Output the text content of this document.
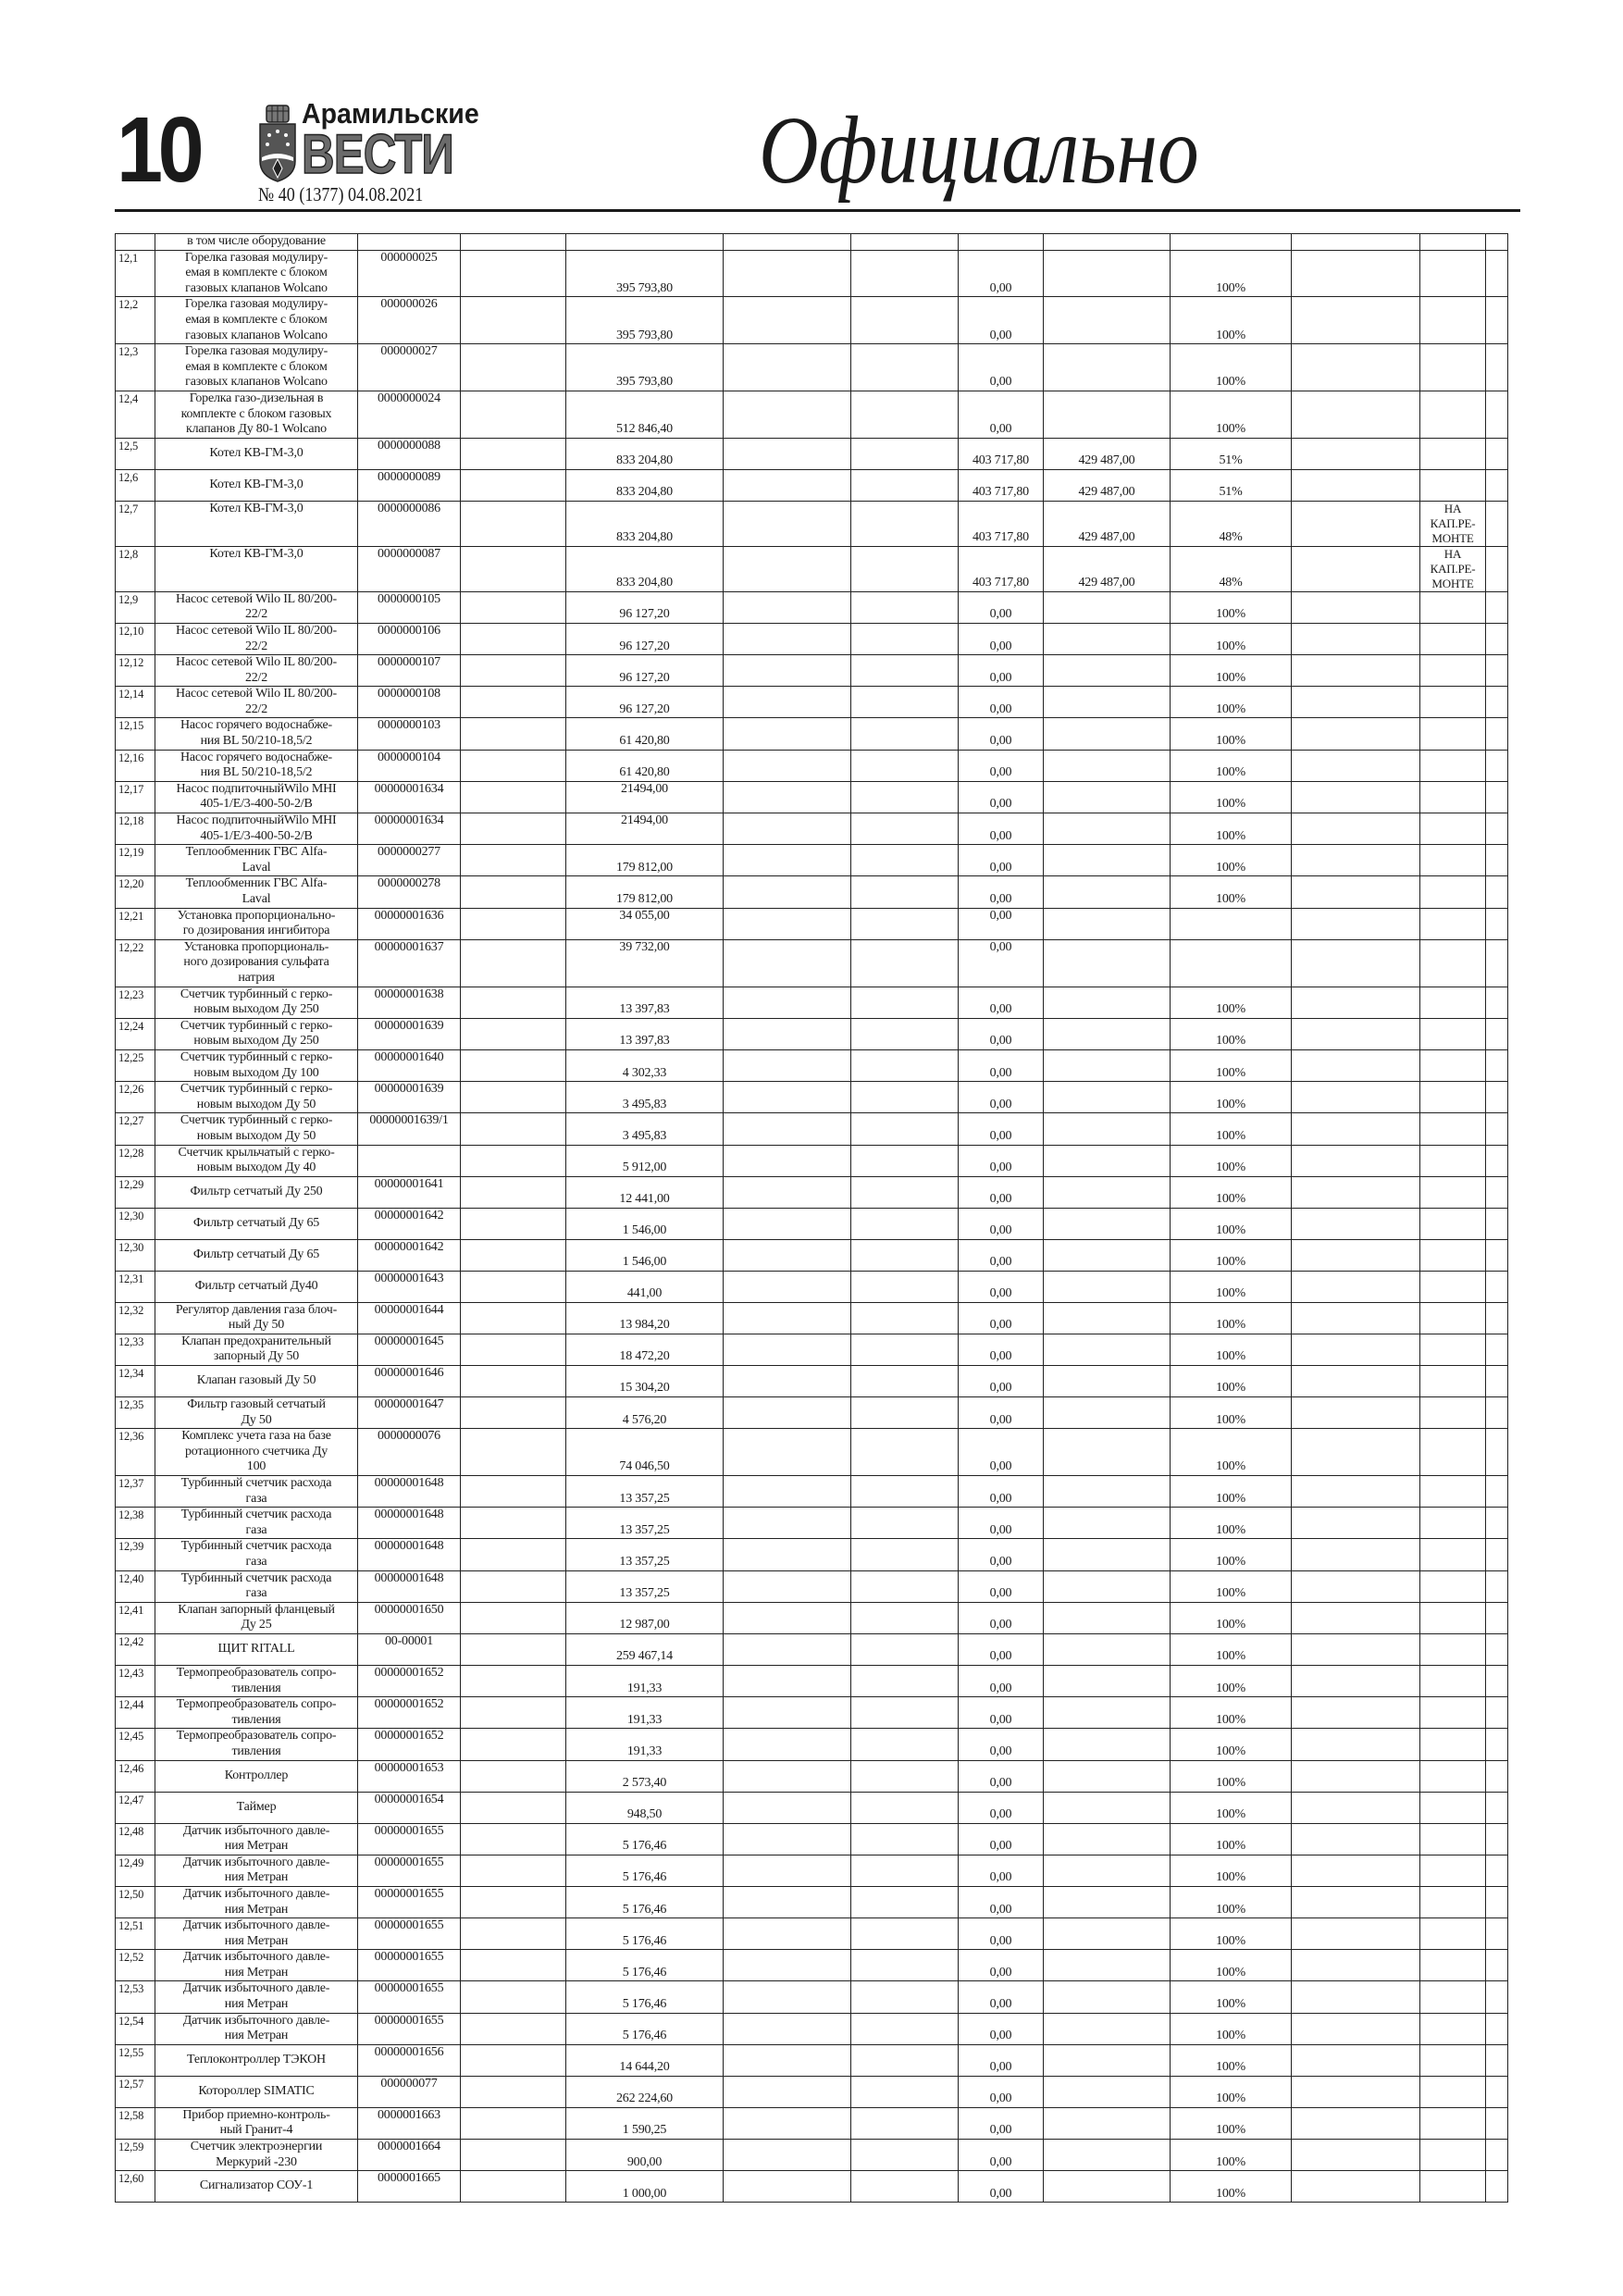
10	Арамильские
ВЕСТИ
№ 40 (1377) 04.08.2021	Официально
	в том числе оборудование											
12,1	Горелка газовая модулиру-
емая в комплекте с блоком
газовых клапанов Wolcano	000000025		395 793,80			0,00		100%			
12,2	Горелка газовая модулиру-
емая в комплекте с блоком
газовых клапанов Wolcano	000000026		395 793,80			0,00		100%			
12,3	Горелка газовая модулиру-
емая в комплекте с блоком
газовых клапанов Wolcano	000000027		395 793,80			0,00		100%			
12,4	Горелка газо-дизельная в
комплекте с блоком газовых
клапанов Ду 80-1 Wolcano	0000000024		512 846,40			0,00		100%			
12,5	Котел КВ-ГМ-3,0	0000000088		833 204,80			403 717,80	429 487,00	51%			
12,6	Котел КВ-ГМ-3,0	0000000089		833 204,80			403 717,80	429 487,00	51%			
12,7	Котел КВ-ГМ-3,0	0000000086		833 204,80			403 717,80	429 487,00	48%		НА
КАП.РЕ-
МОНТЕ	
12,8	Котел КВ-ГМ-3,0	0000000087		833 204,80			403 717,80	429 487,00	48%		НА
КАП.РЕ-
МОНТЕ	
12,9	Насос сетевой Wilo IL 80/200-
22/2	0000000105		96 127,20			0,00		100%			
12,10	Насос сетевой Wilo IL 80/200-
22/2	0000000106		96 127,20			0,00		100%			
12,12	Насос сетевой Wilo IL 80/200-
22/2	0000000107		96 127,20			0,00		100%			
12,14	Насос сетевой Wilo IL 80/200-
22/2	0000000108		96 127,20			0,00		100%			
12,15	Насос горячего водоснабже-
ния BL 50/210-18,5/2	0000000103		61 420,80			0,00		100%			
12,16	Насос горячего водоснабже-
ния BL 50/210-18,5/2	0000000104		61 420,80			0,00		100%			
12,17	Насос подпиточныйWilo MHI
405-1/E/3-400-50-2/B	00000001634		21494,00			0,00		100%			
12,18	Насос подпиточныйWilo MHI
405-1/E/3-400-50-2/B	00000001634		21494,00			0,00		100%			
12,19	Теплообменник ГВС Alfa-
Laval	0000000277		179 812,00			0,00		100%			
12,20	Теплообменник ГВС Alfa-
Laval	0000000278		179 812,00			0,00		100%			
12,21	Установка пропорционально-
го дозирования ингибитора	00000001636		34 055,00			0,00					
12,22	Установка пропорциональ-
ного дозирования сульфата
натрия	00000001637		39 732,00			0,00					
12,23	Счетчик турбинный с герко-
новым выходом Ду 250	00000001638		13 397,83			0,00		100%			
12,24	Счетчик турбинный с герко-
новым выходом Ду 250	00000001639		13 397,83			0,00		100%			
12,25	Счетчик турбинный с герко-
новым выходом Ду 100	00000001640		4 302,33			0,00		100%			
12,26	Счетчик турбинный с герко-
новым выходом Ду 50	00000001639		3 495,83			0,00		100%			
12,27	Счетчик турбинный с герко-
новым выходом Ду 50	00000001639/1		3 495,83			0,00		100%			
12,28	Счетчик крыльчатый с герко-
новым выходом Ду 40			5 912,00			0,00		100%			
12,29	Фильтр сетчатый Ду 250	00000001641		12 441,00			0,00		100%			
12,30	Фильтр сетчатый Ду 65	00000001642		1 546,00			0,00		100%			
12,30	Фильтр сетчатый Ду 65	00000001642		1 546,00			0,00		100%			
12,31	Фильтр сетчатый Ду40	00000001643		441,00			0,00		100%			
12,32	Регулятор давления газа блоч-
ный Ду 50	00000001644		13 984,20			0,00		100%			
12,33	Клапан предохранительный
запорный Ду 50	00000001645		18 472,20			0,00		100%			
12,34	Клапан газовый Ду 50	00000001646		15 304,20			0,00		100%			
12,35	Фильтр газовый сетчатый
Ду 50	00000001647		4 576,20			0,00		100%			
12,36	Комплекс учета газа на базе
ротационного счетчика Ду
100	0000000076		74 046,50			0,00		100%			
12,37	Турбинный счетчик расхода
газа	00000001648		13 357,25			0,00		100%			
12,38	Турбинный счетчик расхода
газа	00000001648		13 357,25			0,00		100%			
12,39	Турбинный счетчик расхода
газа	00000001648		13 357,25			0,00		100%			
12,40	Турбинный счетчик расхода
газа	00000001648		13 357,25			0,00		100%			
12,41	Клапан запорный фланцевый
Ду 25	00000001650		12 987,00			0,00		100%			
12,42	ЩИТ RITALL	00-00001		259 467,14			0,00		100%			
12,43	Термопреобразователь сопро-
тивления	00000001652		191,33			0,00		100%			
12,44	Термопреобразователь сопро-
тивления	00000001652		191,33			0,00		100%			
12,45	Термопреобразователь сопро-
тивления	00000001652		191,33			0,00		100%			
12,46	Контроллер	00000001653		2 573,40			0,00		100%			
12,47	Таймер	00000001654		948,50			0,00		100%			
12,48	Датчик избыточного давле-
ния Метран	00000001655		5 176,46			0,00		100%			
12,49	Датчик избыточного давле-
ния Метран	00000001655		5 176,46			0,00		100%			
12,50	Датчик избыточного давле-
ния Метран	00000001655		5 176,46			0,00		100%			
12,51	Датчик избыточного давле-
ния Метран	00000001655		5 176,46			0,00		100%			
12,52	Датчик избыточного давле-
ния Метран	00000001655		5 176,46			0,00		100%			
12,53	Датчик избыточного давле-
ния Метран	00000001655		5 176,46			0,00		100%			
12,54	Датчик избыточного давле-
ния Метран	00000001655		5 176,46			0,00		100%			
12,55	Теплоконтроллер ТЭКОН	00000001656		14 644,20			0,00		100%			
12,57	Котороллер SIMATIC	000000077		262 224,60			0,00		100%			
12,58	Прибор приемно-контроль-
ный Гранит-4	0000001663		1 590,25			0,00		100%			
12,59	Счетчик электроэнергии
Меркурий -230	0000001664		900,00			0,00		100%			
12,60	Сигнализатор СОУ-1	0000001665		1 000,00			0,00		100%			
